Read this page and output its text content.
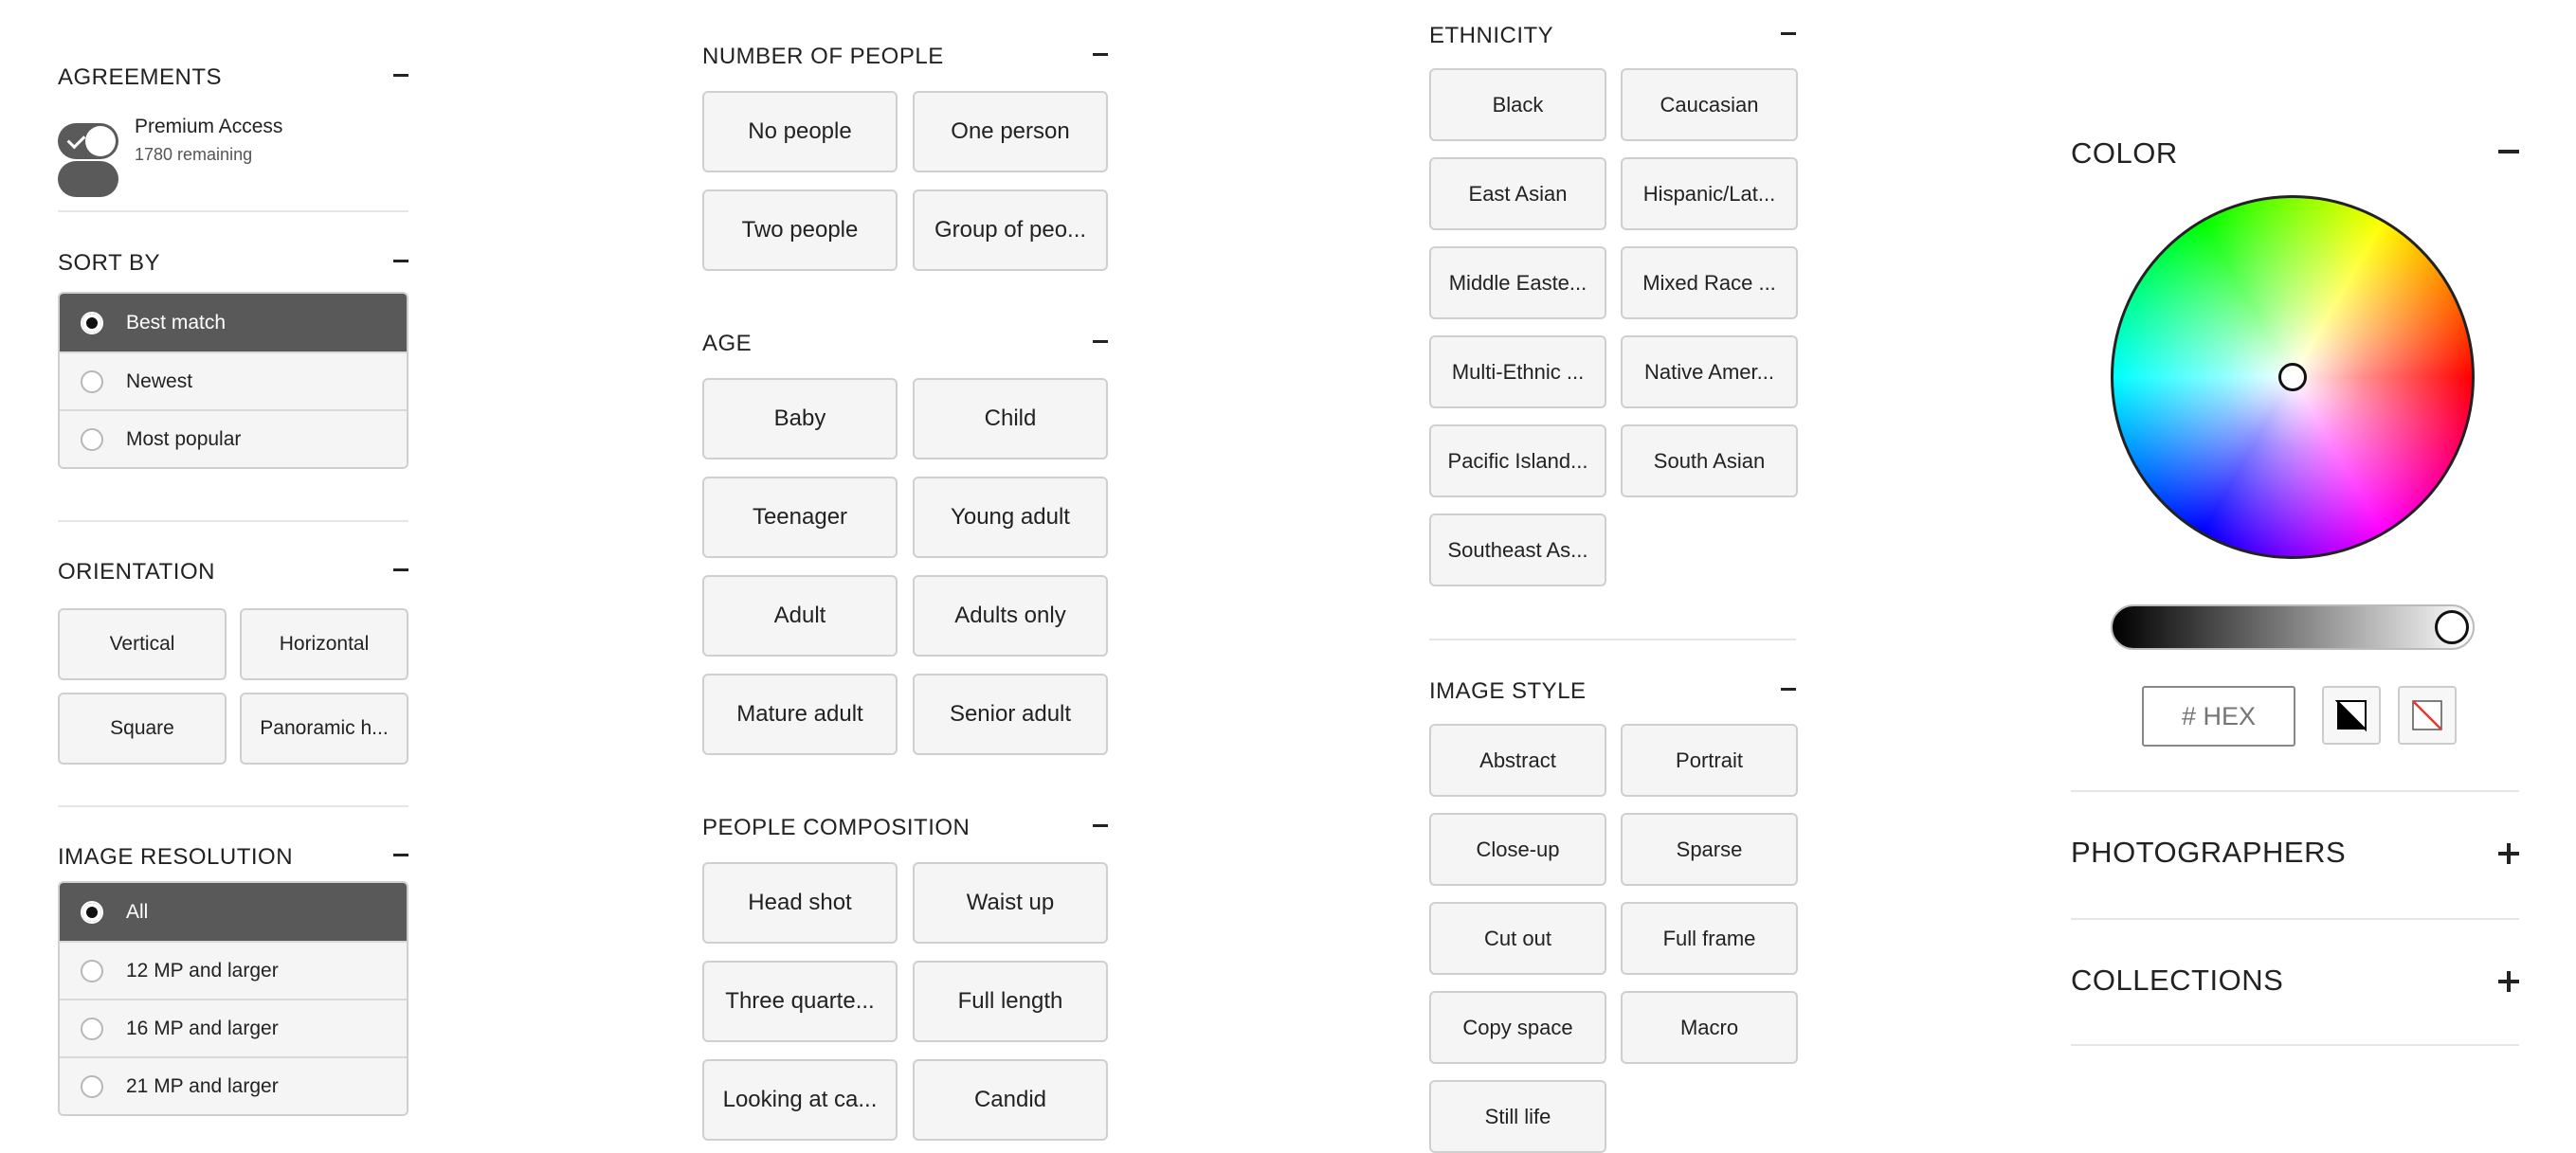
AGREEMENTS
Premium Access
1780 remaining
SORT BY
Best match
Newest
Most popular
ORIENTATION
Vertical	Horizontal
Square	Panoramic h...
IMAGE RESOLUTION
All
12 MP and larger
16 MP and larger
21 MP and larger
NUMBER OF PEOPLE
No people	One person
Two people	Group of peo...
AGE
Baby	Child
Teenager	Young adult
Adult	Adults only
Mature adult	Senior adult
PEOPLE COMPOSITION
Head shot	Waist up
Three quarte...	Full length
Looking at ca...	Candid
ETHNICITY
Black	Caucasian
East Asian	Hispanic/Lat...
Middle Easte...	Mixed Race ...
Multi-Ethnic ...	Native Amer...
Pacific Island...	South Asian
Southeast As...
IMAGE STYLE
Abstract	Portrait
Close-up	Sparse
Cut out	Full frame
Copy space	Macro
Still life
COLOR
# HEX
PHOTOGRAPHERS
COLLECTIONS
